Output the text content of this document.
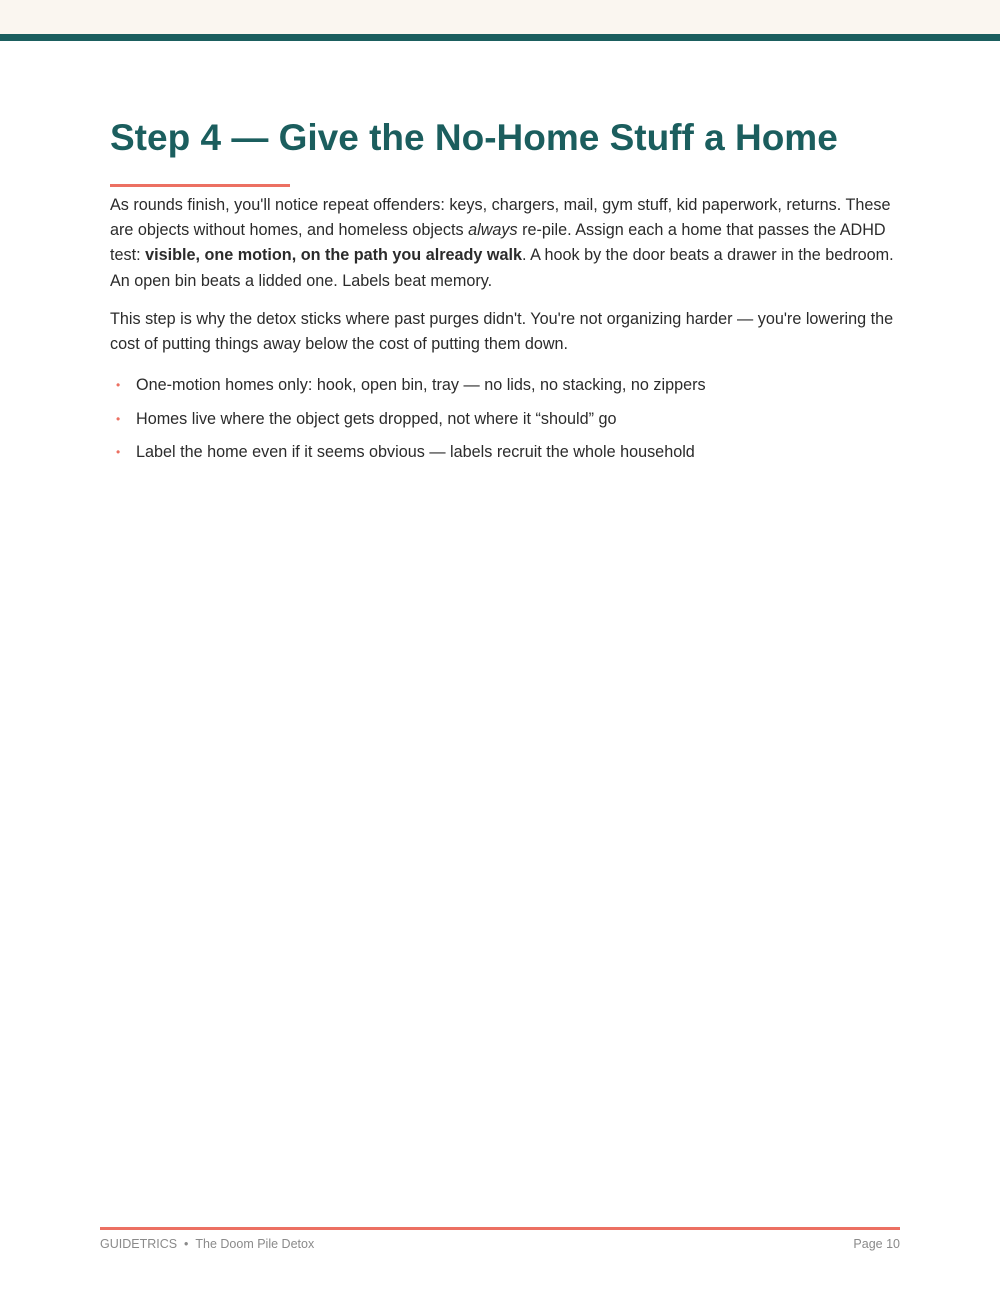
Step 4 — Give the No-Home Stuff a Home

As rounds finish, you'll notice repeat offenders: keys, chargers, mail, gym stuff, kid paperwork, returns. These are objects without homes, and homeless objects always re-pile. Assign each a home that passes the ADHD test: visible, one motion, on the path you already walk. A hook by the door beats a drawer in the bedroom. An open bin beats a lidded one. Labels beat memory.

This step is why the detox sticks where past purges didn't. You're not organizing harder — you're lowering the cost of putting things away below the cost of putting them down.

• One-motion homes only: hook, open bin, tray — no lids, no stacking, no zippers
• Homes live where the object gets dropped, not where it “should” go
• Label the home even if it seems obvious — labels recruit the whole household
GUIDETRICS • The Doom Pile Detox	Page 10
